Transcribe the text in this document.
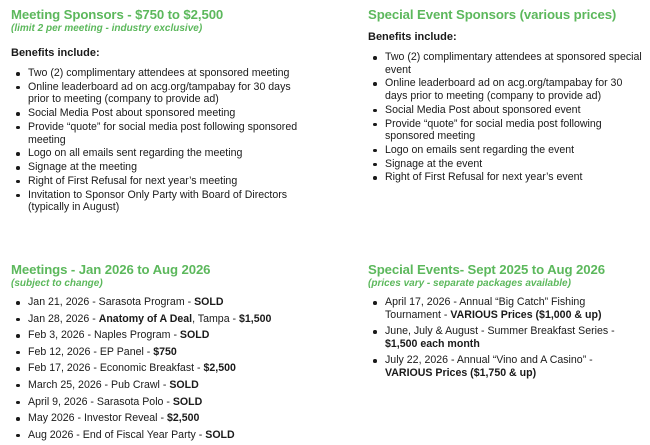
Meeting Sponsors - $750 to $2,500
(limit 2 per meeting - industry exclusive)
Benefits include:
Two (2) complimentary attendees at sponsored meeting
Online leaderboard ad on acg.org/tampabay for 30 days prior to meeting (company to provide ad)
Social Media Post about sponsored meeting
Provide “quote” for social media post following sponsored meeting
Logo on all emails sent regarding the meeting
Signage at the meeting
Right of First Refusal for next year’s meeting
Invitation to Sponsor Only Party with Board of Directors (typically in August)
Special Event Sponsors (various prices)
Benefits include:
Two (2) complimentary attendees at sponsored special event
Online leaderboard ad on acg.org/tampabay for 30 days prior to meeting (company to provide ad)
Social Media Post about sponsored event
Provide “quote” for social media post following sponsored meeting
Logo on emails sent regarding the event
Signage at the event
Right of First Refusal for next year’s event
Meetings - Jan 2026 to Aug 2026
(subject to change)
Jan 21, 2026 - Sarasota Program - SOLD
Jan 28, 2026 - Anatomy of A Deal, Tampa - $1,500
Feb 3, 2026 - Naples Program - SOLD
Feb 12, 2026 - EP Panel - $750
Feb 17, 2026 - Economic Breakfast - $2,500
March 25, 2026 - Pub Crawl - SOLD
April 9, 2026 - Sarasota Polo - SOLD
May 2026 - Investor Reveal - $2,500
Aug 2026 - End of Fiscal Year Party - SOLD
Special Events- Sept 2025 to Aug 2026
(prices vary - separate packages available)
April 17, 2026 - Annual “Big Catch” Fishing Tournament - VARIOUS Prices ($1,000 & up)
June, July & August - Summer Breakfast Series - $1,500 each month
July 22, 2026 - Annual “Vino and A Casino” - VARIOUS Prices ($1,750 & up)
